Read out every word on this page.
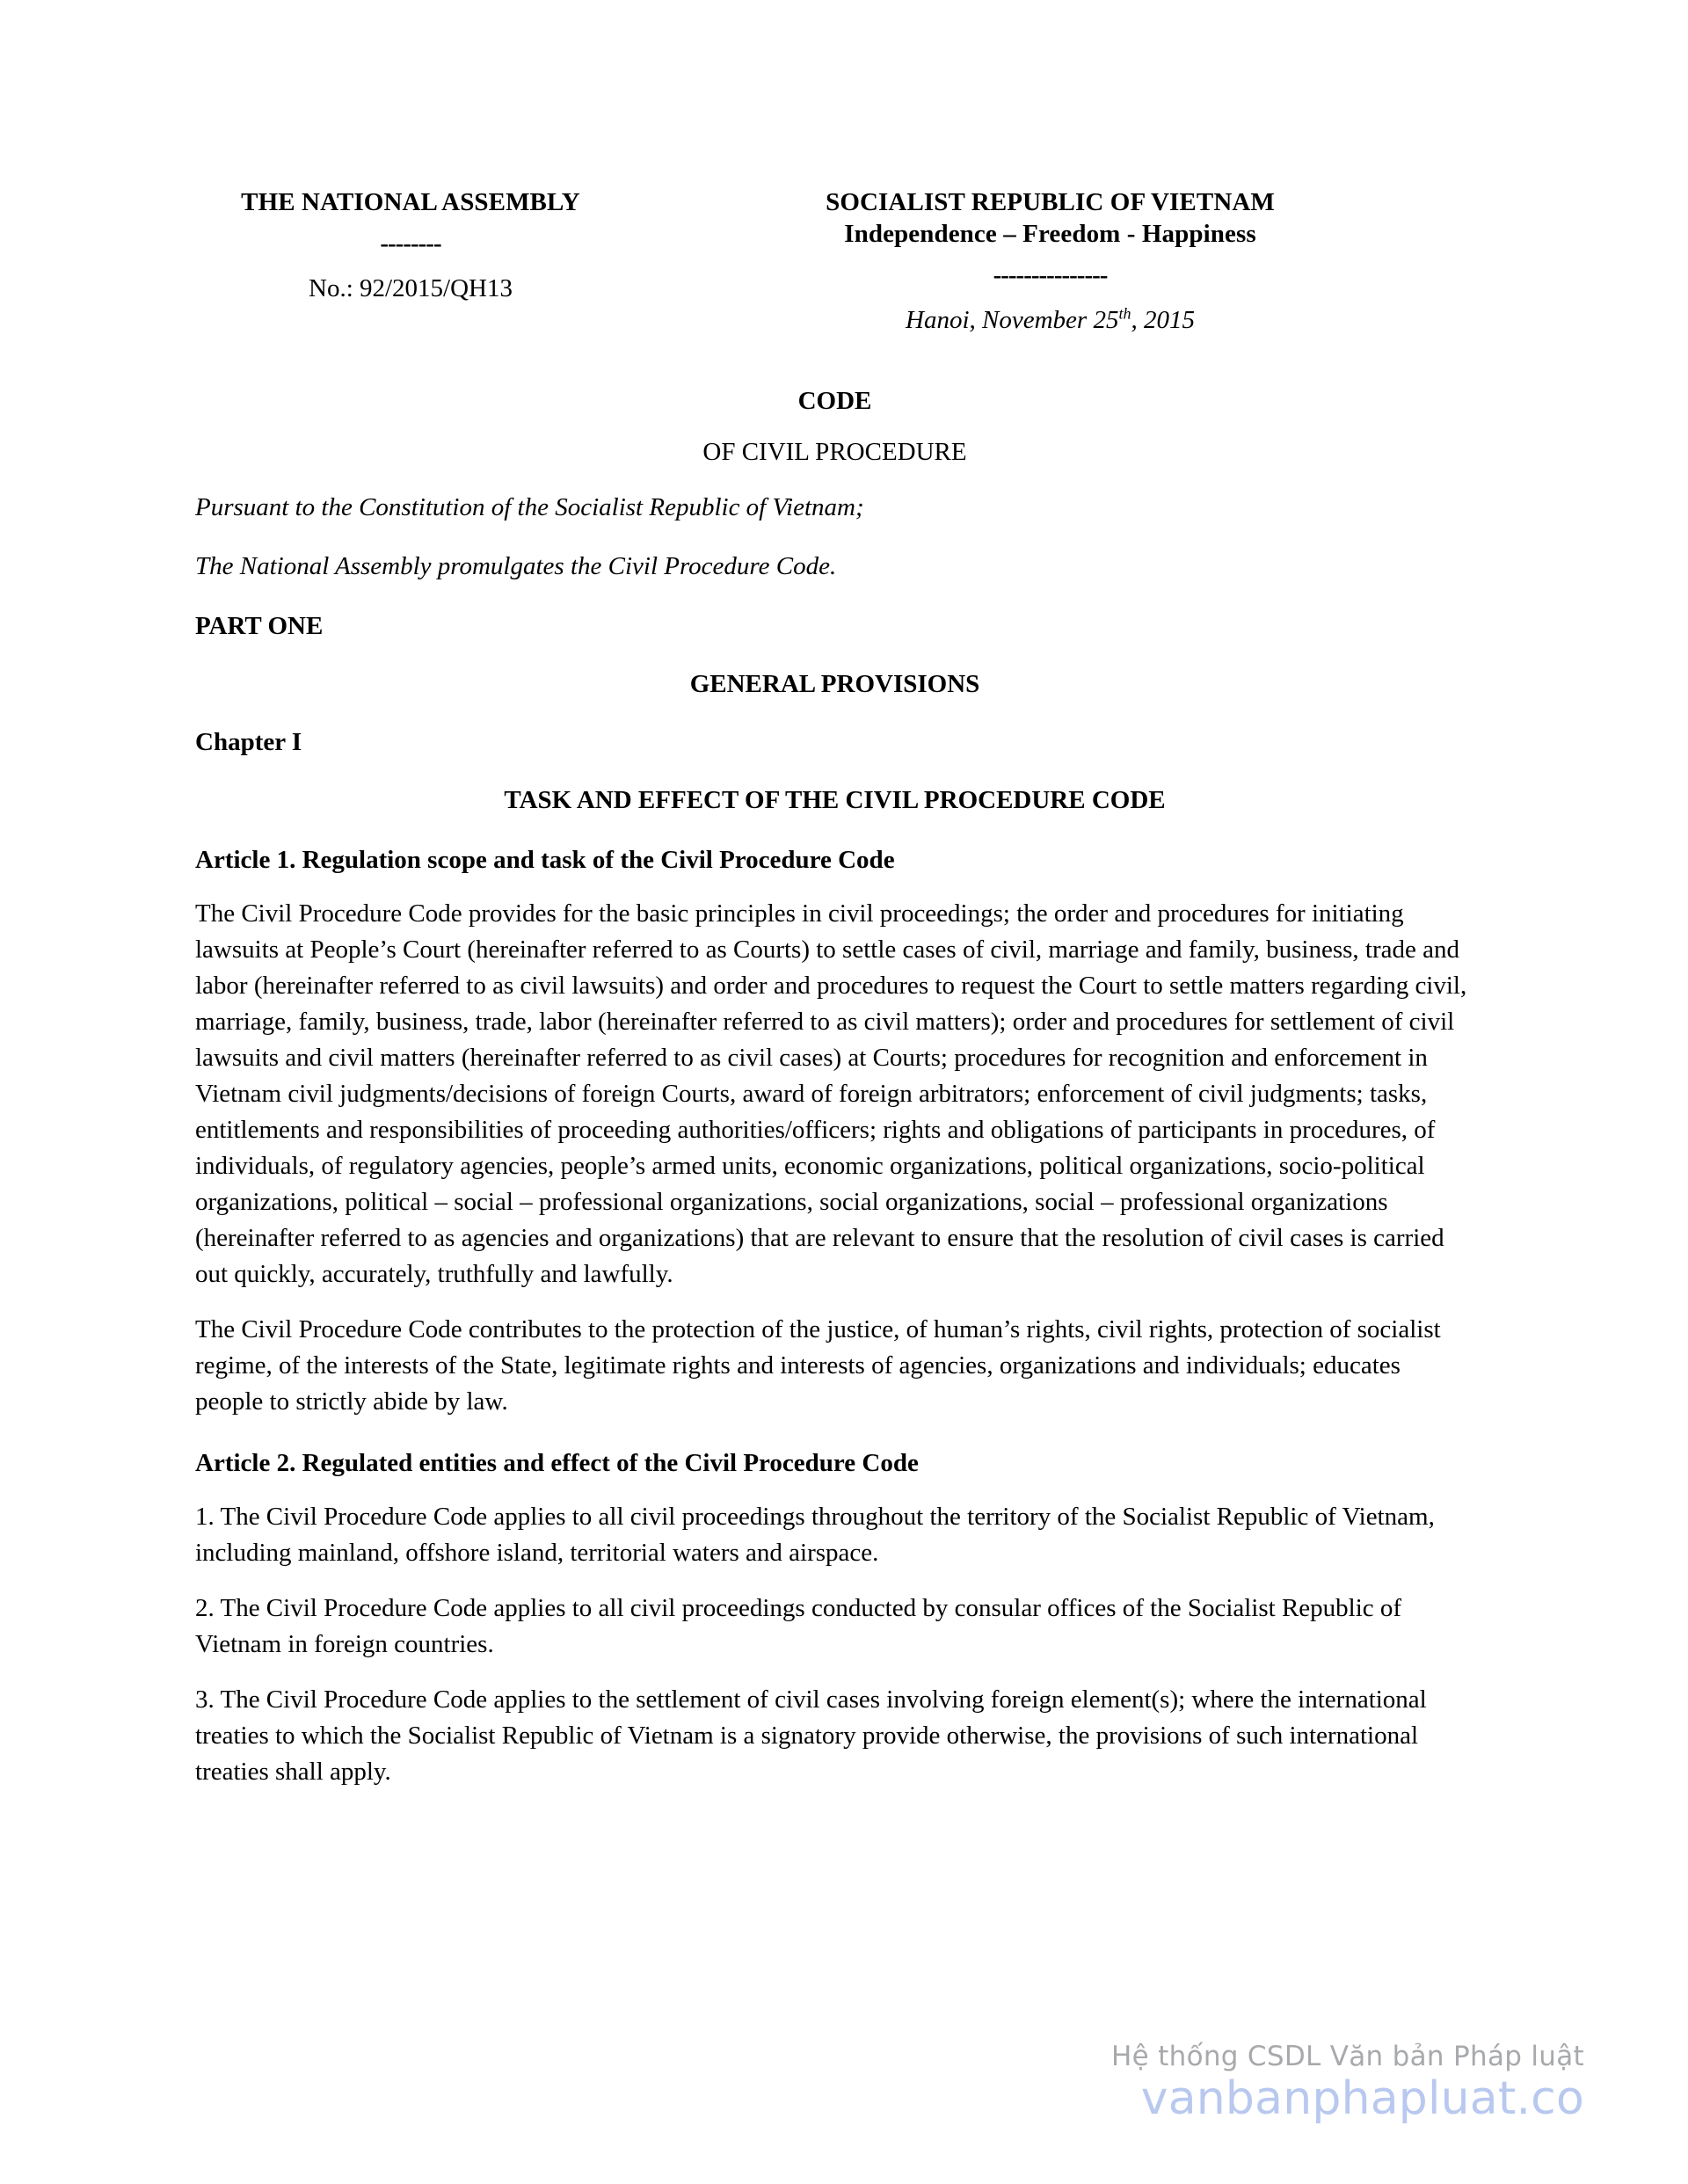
THE NATIONAL ASSEMBLY
--------
No.: 92/2015/QH13
SOCIALIST REPUBLIC OF VIETNAM
Independence – Freedom - Happiness
---------------
Hanoi, November 25th, 2015
CODE
OF CIVIL PROCEDURE
Pursuant to the Constitution of the Socialist Republic of Vietnam;
The National Assembly promulgates the Civil Procedure Code.
PART ONE
GENERAL PROVISIONS
Chapter I
TASK AND EFFECT OF THE CIVIL PROCEDURE CODE
Article 1. Regulation scope and task of the Civil Procedure Code
The Civil Procedure Code provides for the basic principles in civil proceedings; the order and procedures for initiating lawsuits at People’s Court (hereinafter referred to as Courts) to settle cases of civil, marriage and family, business, trade and labor (hereinafter referred to as civil lawsuits) and order and procedures to request the Court to settle matters regarding civil, marriage, family, business, trade, labor (hereinafter referred to as civil matters); order and procedures for settlement of civil lawsuits and civil matters (hereinafter referred to as civil cases) at Courts; procedures for recognition and enforcement in Vietnam civil judgments/decisions of foreign Courts, award of foreign arbitrators; enforcement of civil judgments; tasks, entitlements and responsibilities of proceeding authorities/officers; rights and obligations of participants in procedures, of individuals, of regulatory agencies, people’s armed units, economic organizations, political organizations, socio-political organizations, political – social – professional organizations, social organizations, social – professional organizations (hereinafter referred to as agencies and organizations) that are relevant to ensure that the resolution of civil cases is carried out quickly, accurately, truthfully and lawfully.
The Civil Procedure Code contributes to the protection of the justice, of human’s rights, civil rights, protection of socialist regime, of the interests of the State, legitimate rights and interests of agencies, organizations and individuals; educates people to strictly abide by law.
Article 2. Regulated entities and effect of the Civil Procedure Code
1. The Civil Procedure Code applies to all civil proceedings throughout the territory of the Socialist Republic of Vietnam, including mainland, offshore island, territorial waters and airspace.
2. The Civil Procedure Code applies to all civil proceedings conducted by consular offices of the Socialist Republic of Vietnam in foreign countries.
3. The Civil Procedure Code applies to the settlement of civil cases involving foreign element(s); where the international treaties to which the Socialist Republic of Vietnam is a signatory provide otherwise, the provisions of such international treaties shall apply.
Hệ thống CSDL Văn bản Pháp luật
vanbanphapluat.co
